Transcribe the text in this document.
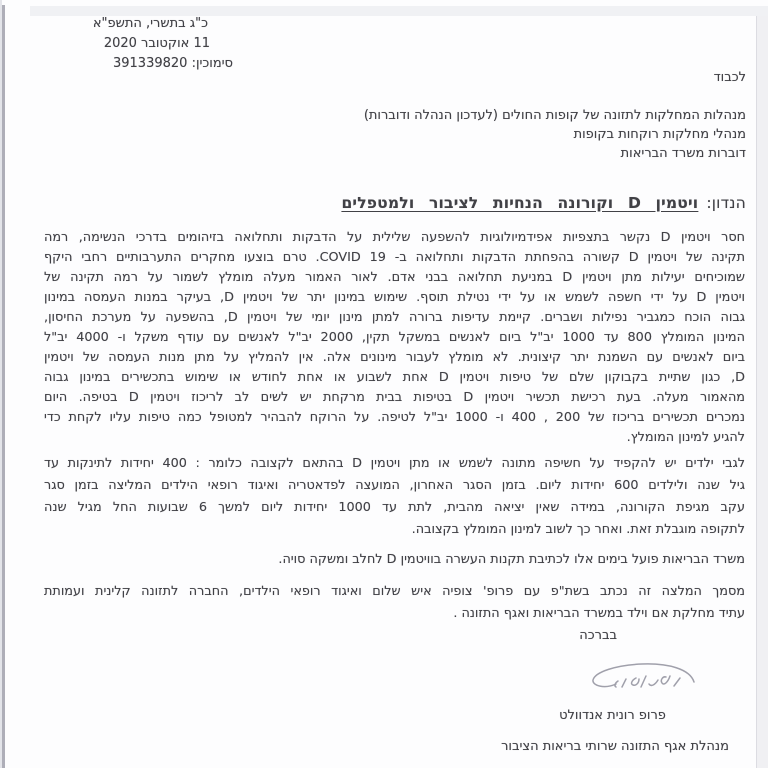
כ"ג בתשרי, התשפ"א
11 אוקטובר 2020
סימוכין: 391339820
לכבוד
מנהלות המחלקות לתזונה של קופות החולים (לעדכון הנהלה ודוברות)
מנהלי מחלקות רוקחות בקופות
דוברות משרד הבריאות
הנדון:ויטמין D וקורונה הנחיות לציבור ולמטפלים
חסר ויטמין D נקשר בתצפיות אפידמיולוגיות להשפעה שלילית על הדבקות ותחלואה בזיהומים בדרכי הנשימה, רמה
תקינה של ויטמין D קשורה בהפחתת הדבקות ותחלואה ב- COVID 19. טרם בוצעו מחקרים התערבותיים רחבי היקף
שמוכיחים יעילות מתן ויטמין D במניעת תחלואה בבני אדם. לאור האמור מעלה מומלץ לשמור על רמה תקינה של
ויטמין D על ידי חשפה לשמש או על ידי נטילת תוסף. שימוש במינון יתר של ויטמין D, בעיקר במנות העמסה במינון
גבוה הוכח כמגביר נפילות ושברים. קיימת עדיפות ברורה למתן מינון יומי של ויטמין D, בהשפעה על מערכת החיסון,
המינון המומלץ 800 עד 1000 יב"ל ביום לאנשים במשקל תקין, 2000 יב"ל לאנשים עם עודף משקל ו- 4000 יב"ל
ביום לאנשים עם השמנת יתר קיצונית. לא מומלץ לעבור מינונים אלה. אין להמליץ על מתן מנות העמסה של ויטמין
D, כגון שתיית בקבוקון שלם של טיפות ויטמין D אחת לשבוע או אחת לחודש או שימוש בתכשירים במינון גבוה
מהאמור מעלה. בעת רכישת תכשיר ויטמין D בטיפות בבית מרקחת יש לשים לב לריכוז ויטמין D בטיפה. היום
נמכרים תכשירים בריכוז של 200 , 400 ו- 1000 יב"ל לטיפה. על הרוקח להבהיר למטופל כמה טיפות עליו לקחת כדי
להגיע למינון המומלץ.
לגבי ילדים יש להקפיד על חשיפה מתונה לשמש או מתן ויטמין D בהתאם לקצובה כלומר : 400 יחידות לתינקות עד
גיל שנה ולילדים 600 יחידות ליום. בזמן הסגר האחרון, המועצה לפדאטריה ואיגוד רופאי הילדים המליצה בזמן סגר
עקב מגיפת הקורונה, במידה שאין יציאה מהבית, לתת עד 1000 יחידות ליום למשך 6 שבועות החל מגיל שנה
לתקופה מוגבלת זאת. ואחר כך לשוב למינון המומלץ בקצובה.
משרד הבריאות פועל בימים אלו לכתיבת תקנות העשרה בוויטמין D לחלב ומשקה סויה.
מסמך המלצה זה נכתב בשת"פ עם פרופ' צופיה איש שלום ואיגוד רופאי הילדים, החברה לתזונה קלינית ועמותת
עתיד מחלקת אם וילד במשרד הבריאות ואגף התזונה .
בברכה
פרופ רונית אנדוולט
מנהלת אגף התזונה שרותי בריאות הציבור
